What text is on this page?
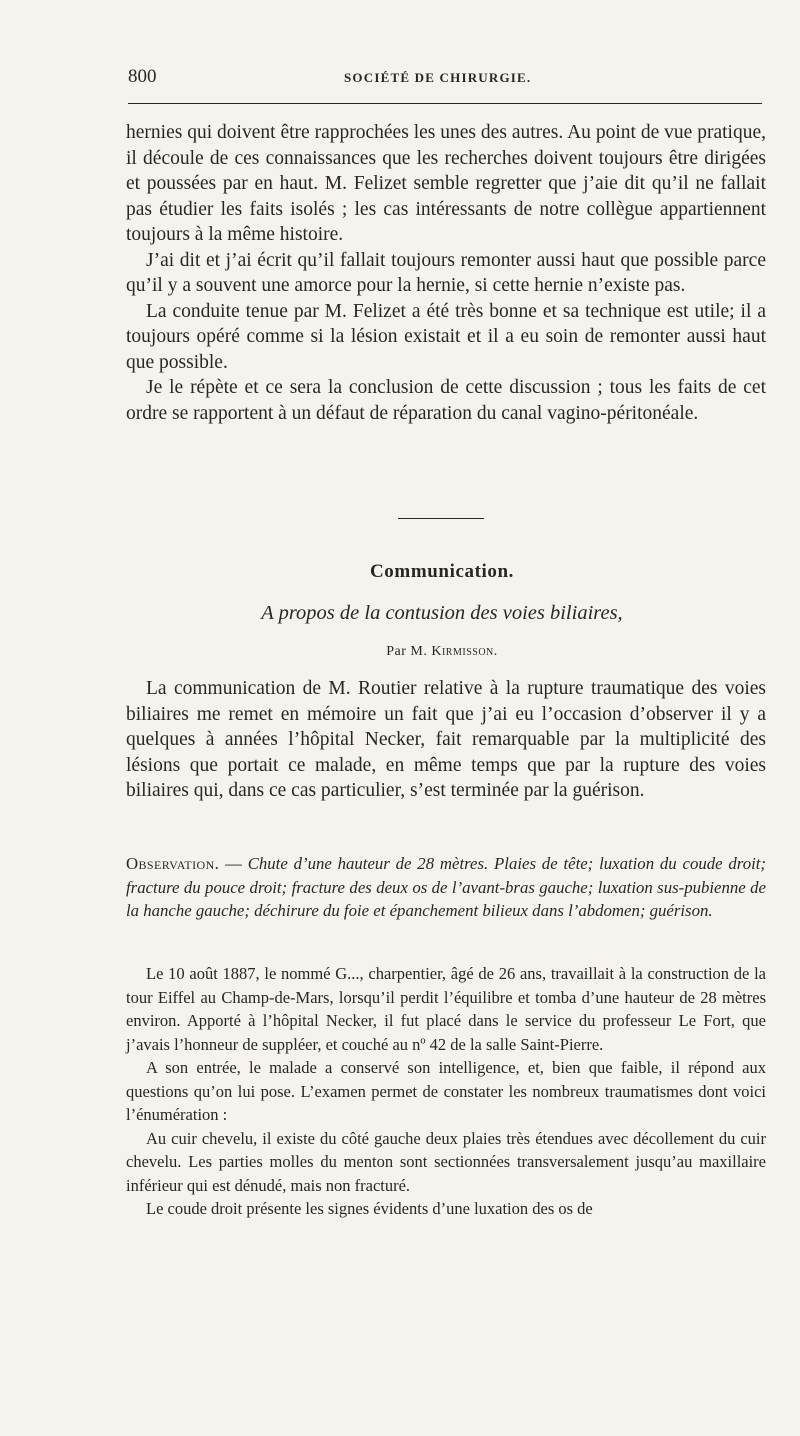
800	SOCIÉTÉ DE CHIRURGIE.

hernies qui doivent être rapprochées les unes des autres. Au point de vue pratique, il découle de ces connaissances que les recherches doivent toujours être dirigées et poussées par en haut. M. Felizet semble regretter que j’aie dit qu’il ne fallait pas étudier les faits isolés ; les cas intéressants de notre collègue appartiennent toujours à la même histoire.

J’ai dit et j’ai écrit qu’il fallait toujours remonter aussi haut que possible parce qu’il y a souvent une amorce pour la hernie, si cette hernie n’existe pas.

La conduite tenue par M. Felizet a été très bonne et sa technique est utile; il a toujours opéré comme si la lésion existait et il a eu soin de remonter aussi haut que possible.

Je le répète et ce sera la conclusion de cette discussion ; tous les faits de cet ordre se rapportent à un défaut de réparation du canal vagino-péritonéale.

Communication.
A propos de la contusion des voies biliaires,
Par M. Kirmisson.

La communication de M. Routier relative à la rupture traumatique des voies biliaires me remet en mémoire un fait que j’ai eu l’occasion d’observer il y a quelques à années l’hôpital Necker, fait remarquable par la multiplicité des lésions que portait ce malade, en même temps que par la rupture des voies biliaires qui, dans ce cas particulier, s’est terminée par la guérison.

Observation. — Chute d’une hauteur de 28 mètres. Plaies de tête; luxation du coude droit; fracture du pouce droit; fracture des deux os de l’avant-bras gauche; luxation sus-pubienne de la hanche gauche; déchirure du foie et épanchement bilieux dans l’abdomen; guérison.

Le 10 août 1887, le nommé G..., charpentier, âgé de 26 ans, travaillait à la construction de la tour Eiffel au Champ-de-Mars, lorsqu’il perdit l’équilibre et tomba d’une hauteur de 28 mètres environ. Apporté à l’hôpital Necker, il fut placé dans le service du professeur Le Fort, que j’avais l’honneur de suppléer, et couché au nº 42 de la salle Saint-Pierre.

A son entrée, le malade a conservé son intelligence, et, bien que faible, il répond aux questions qu’on lui pose. L’examen permet de constater les nombreux traumatismes dont voici l’énumération :

Au cuir chevelu, il existe du côté gauche deux plaies très étendues avec décollement du cuir chevelu. Les parties molles du menton sont sectionnées transversalement jusqu’au maxillaire inférieur qui est dénudé, mais non fracturé.

Le coude droit présente les signes évidents d’une luxation des os de
